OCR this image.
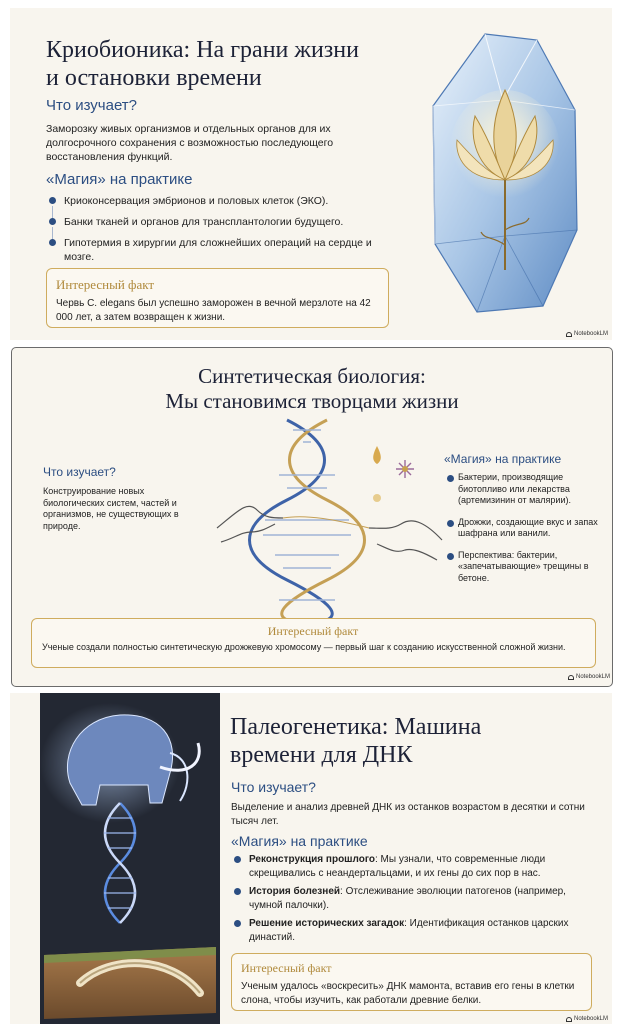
Криобионика: На грани жизни
и остановки времени
Что изучает?
Заморозку живых организмов и отдельных органов для их долгосрочного сохранения с возможностью последующего восстановления функций.
«Магия» на практике
Криоконсервация эмбрионов и половых клеток (ЭКО).
Банки тканей и органов для трансплантологии будущего.
Гипотермия в хирургии для сложнейших операций на сердце и мозге.
Интересный факт
Червь C. elegans был успешно заморожен в вечной мерзлоте на 42 000 лет, а затем возвращен к жизни.
NotebookLM
Синтетическая биология:
Мы становимся творцами жизни
Что изучает?
Конструирование новых биологических систем, частей и организмов, не существующих в природе.
«Магия» на практике
Бактерии, производящие биотопливо или лекарства (артемизинин от малярии).
Дрожжи, создающие вкус и запах шафрана или ванили.
Перспектива: бактерии, «запечатывающие» трещины в бетоне.
Интересный факт
Ученые создали полностью синтетическую дрожжевую хромосому — первый шаг к созданию искусственной сложной жизни.
NotebookLM
Палеогенетика: Машина
времени для ДНК
Что изучает?
Выделение и анализ древней ДНК из останков возрастом в десятки и сотни тысяч лет.
«Магия» на практике
Реконструкция прошлого: Мы узнали, что современные люди скрещивались с неандертальцами, и их гены до сих пор в нас.
История болезней: Отслеживание эволюции патогенов (например, чумной палочки).
Решение исторических загадок: Идентификация останков царских династий.
Интересный факт
Ученым удалось «воскресить» ДНК мамонта, вставив его гены в клетки слона, чтобы изучить, как работали древние белки.
NotebookLM
